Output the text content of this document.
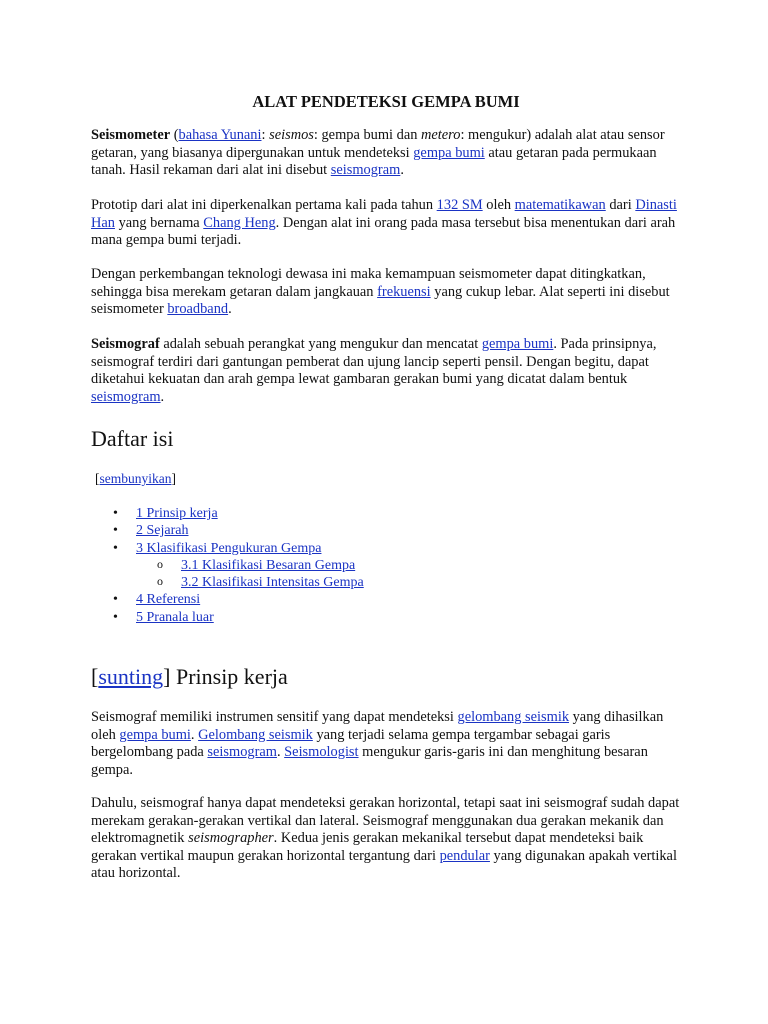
ALAT PENDETEKSI GEMPA BUMI

Seismometer (bahasa Yunani: seismos: gempa bumi dan metero: mengukur) adalah alat atau sensor getaran, yang biasanya dipergunakan untuk mendeteksi gempa bumi atau getaran pada permukaan tanah. Hasil rekaman dari alat ini disebut seismogram.

Prototip dari alat ini diperkenalkan pertama kali pada tahun 132 SM oleh matematikawan dari Dinasti Han yang bernama Chang Heng. Dengan alat ini orang pada masa tersebut bisa menentukan dari arah mana gempa bumi terjadi.

Dengan perkembangan teknologi dewasa ini maka kemampuan seismometer dapat ditingkatkan, sehingga bisa merekam getaran dalam jangkauan frekuensi yang cukup lebar. Alat seperti ini disebut seismometer broadband.

Seismograf adalah sebuah perangkat yang mengukur dan mencatat gempa bumi. Pada prinsipnya, seismograf terdiri dari gantungan pemberat dan ujung lancip seperti pensil. Dengan begitu, dapat diketahui kekuatan dan arah gempa lewat gambaran gerakan bumi yang dicatat dalam bentuk seismogram.

Daftar isi
[sembunyikan]
• 1 Prinsip kerja
• 2 Sejarah
• 3 Klasifikasi Pengukuran Gempa
o 3.1 Klasifikasi Besaran Gempa
o 3.2 Klasifikasi Intensitas Gempa
• 4 Referensi
• 5 Pranala luar
[sunting] Prinsip kerja

Seismograf memiliki instrumen sensitif yang dapat mendeteksi gelombang seismik yang dihasilkan oleh gempa bumi. Gelombang seismik yang terjadi selama gempa tergambar sebagai garis bergelombang pada seismogram. Seismologist mengukur garis-garis ini dan menghitung besaran gempa.

Dahulu, seismograf hanya dapat mendeteksi gerakan horizontal, tetapi saat ini seismograf sudah dapat merekam gerakan-gerakan vertikal dan lateral. Seismograf menggunakan dua gerakan mekanik dan elektromagnetik seismographer. Kedua jenis gerakan mekanikal tersebut dapat mendeteksi baik gerakan vertikal maupun gerakan horizontal tergantung dari pendular yang digunakan apakah vertikal atau horizontal.
